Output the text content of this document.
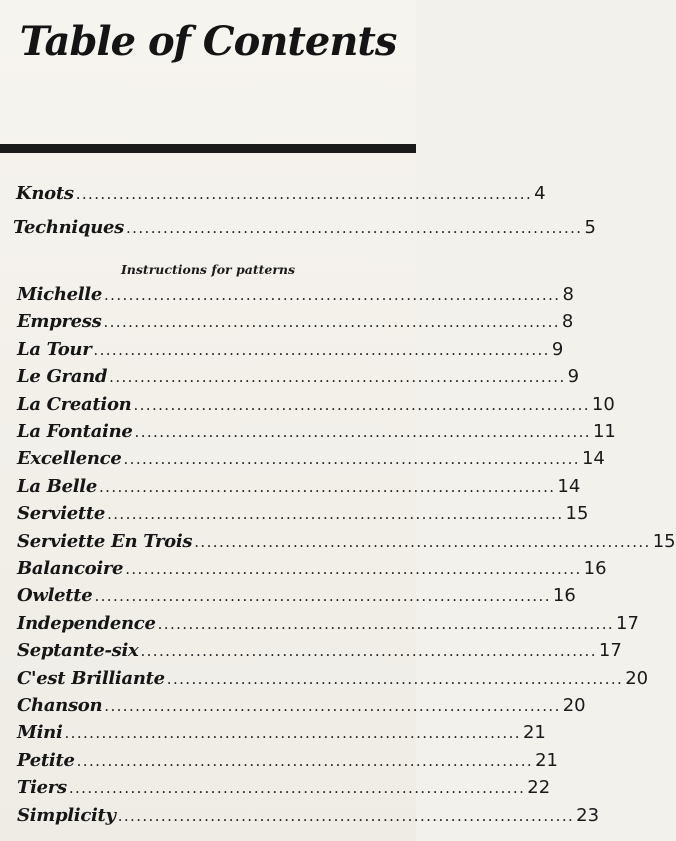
Table of Contents
Knots .......................................................................... 4
Techniques .......................................................................... 5
Instructions for patterns
Michelle .......................................................................... 8
Empress .......................................................................... 8
La Tour .......................................................................... 9
Le Grand .......................................................................... 9
La Creation .......................................................................... 10
La Fontaine .......................................................................... 11
Excellence .......................................................................... 14
La Belle .......................................................................... 14
Serviette .......................................................................... 15
Serviette En Trois .......................................................................... 15
Balancoire .......................................................................... 16
Owlette .......................................................................... 16
Independence .......................................................................... 17
Septante-six .......................................................................... 17
C'est Brilliante .......................................................................... 20
Chanson .......................................................................... 20
Mini .......................................................................... 21
Petite .......................................................................... 21
Tiers .......................................................................... 22
Simplicity .......................................................................... 23
